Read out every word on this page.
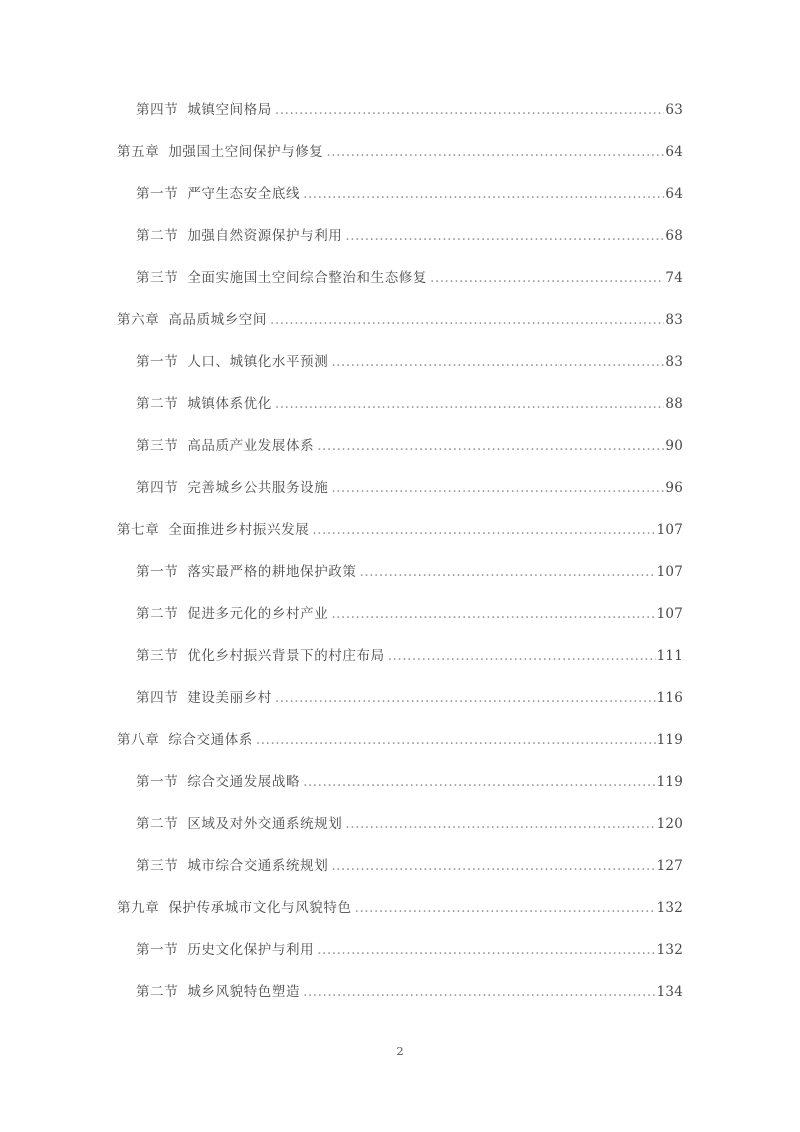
第四节 城镇空间格局 .....	63
第五章 加强国土空间保护与修复 .....	64
第一节 严守生态安全底线 .....	64
第二节 加强自然资源保护与利用 .....	68
第三节 全面实施国土空间综合整治和生态修复 .....	74
第六章 高品质城乡空间 .....	83
第一节 人口、城镇化水平预测 .....	83
第二节 城镇体系优化 .....	88
第三节 高品质产业发展体系 .....	90
第四节 完善城乡公共服务设施 .....	96
第七章 全面推进乡村振兴发展 .....	107
第一节 落实最严格的耕地保护政策 .....	107
第二节 促进多元化的乡村产业 .....	107
第三节 优化乡村振兴背景下的村庄布局 .....	111
第四节 建设美丽乡村 .....	116
第八章 综合交通体系 .....	119
第一节 综合交通发展战略 .....	119
第二节 区域及对外交通系统规划 .....	120
第三节 城市综合交通系统规划 .....	127
第九章 保护传承城市文化与风貌特色 .....	132
第一节 历史文化保护与利用 .....	132
第二节 城乡风貌特色塑造 .....	134
2
